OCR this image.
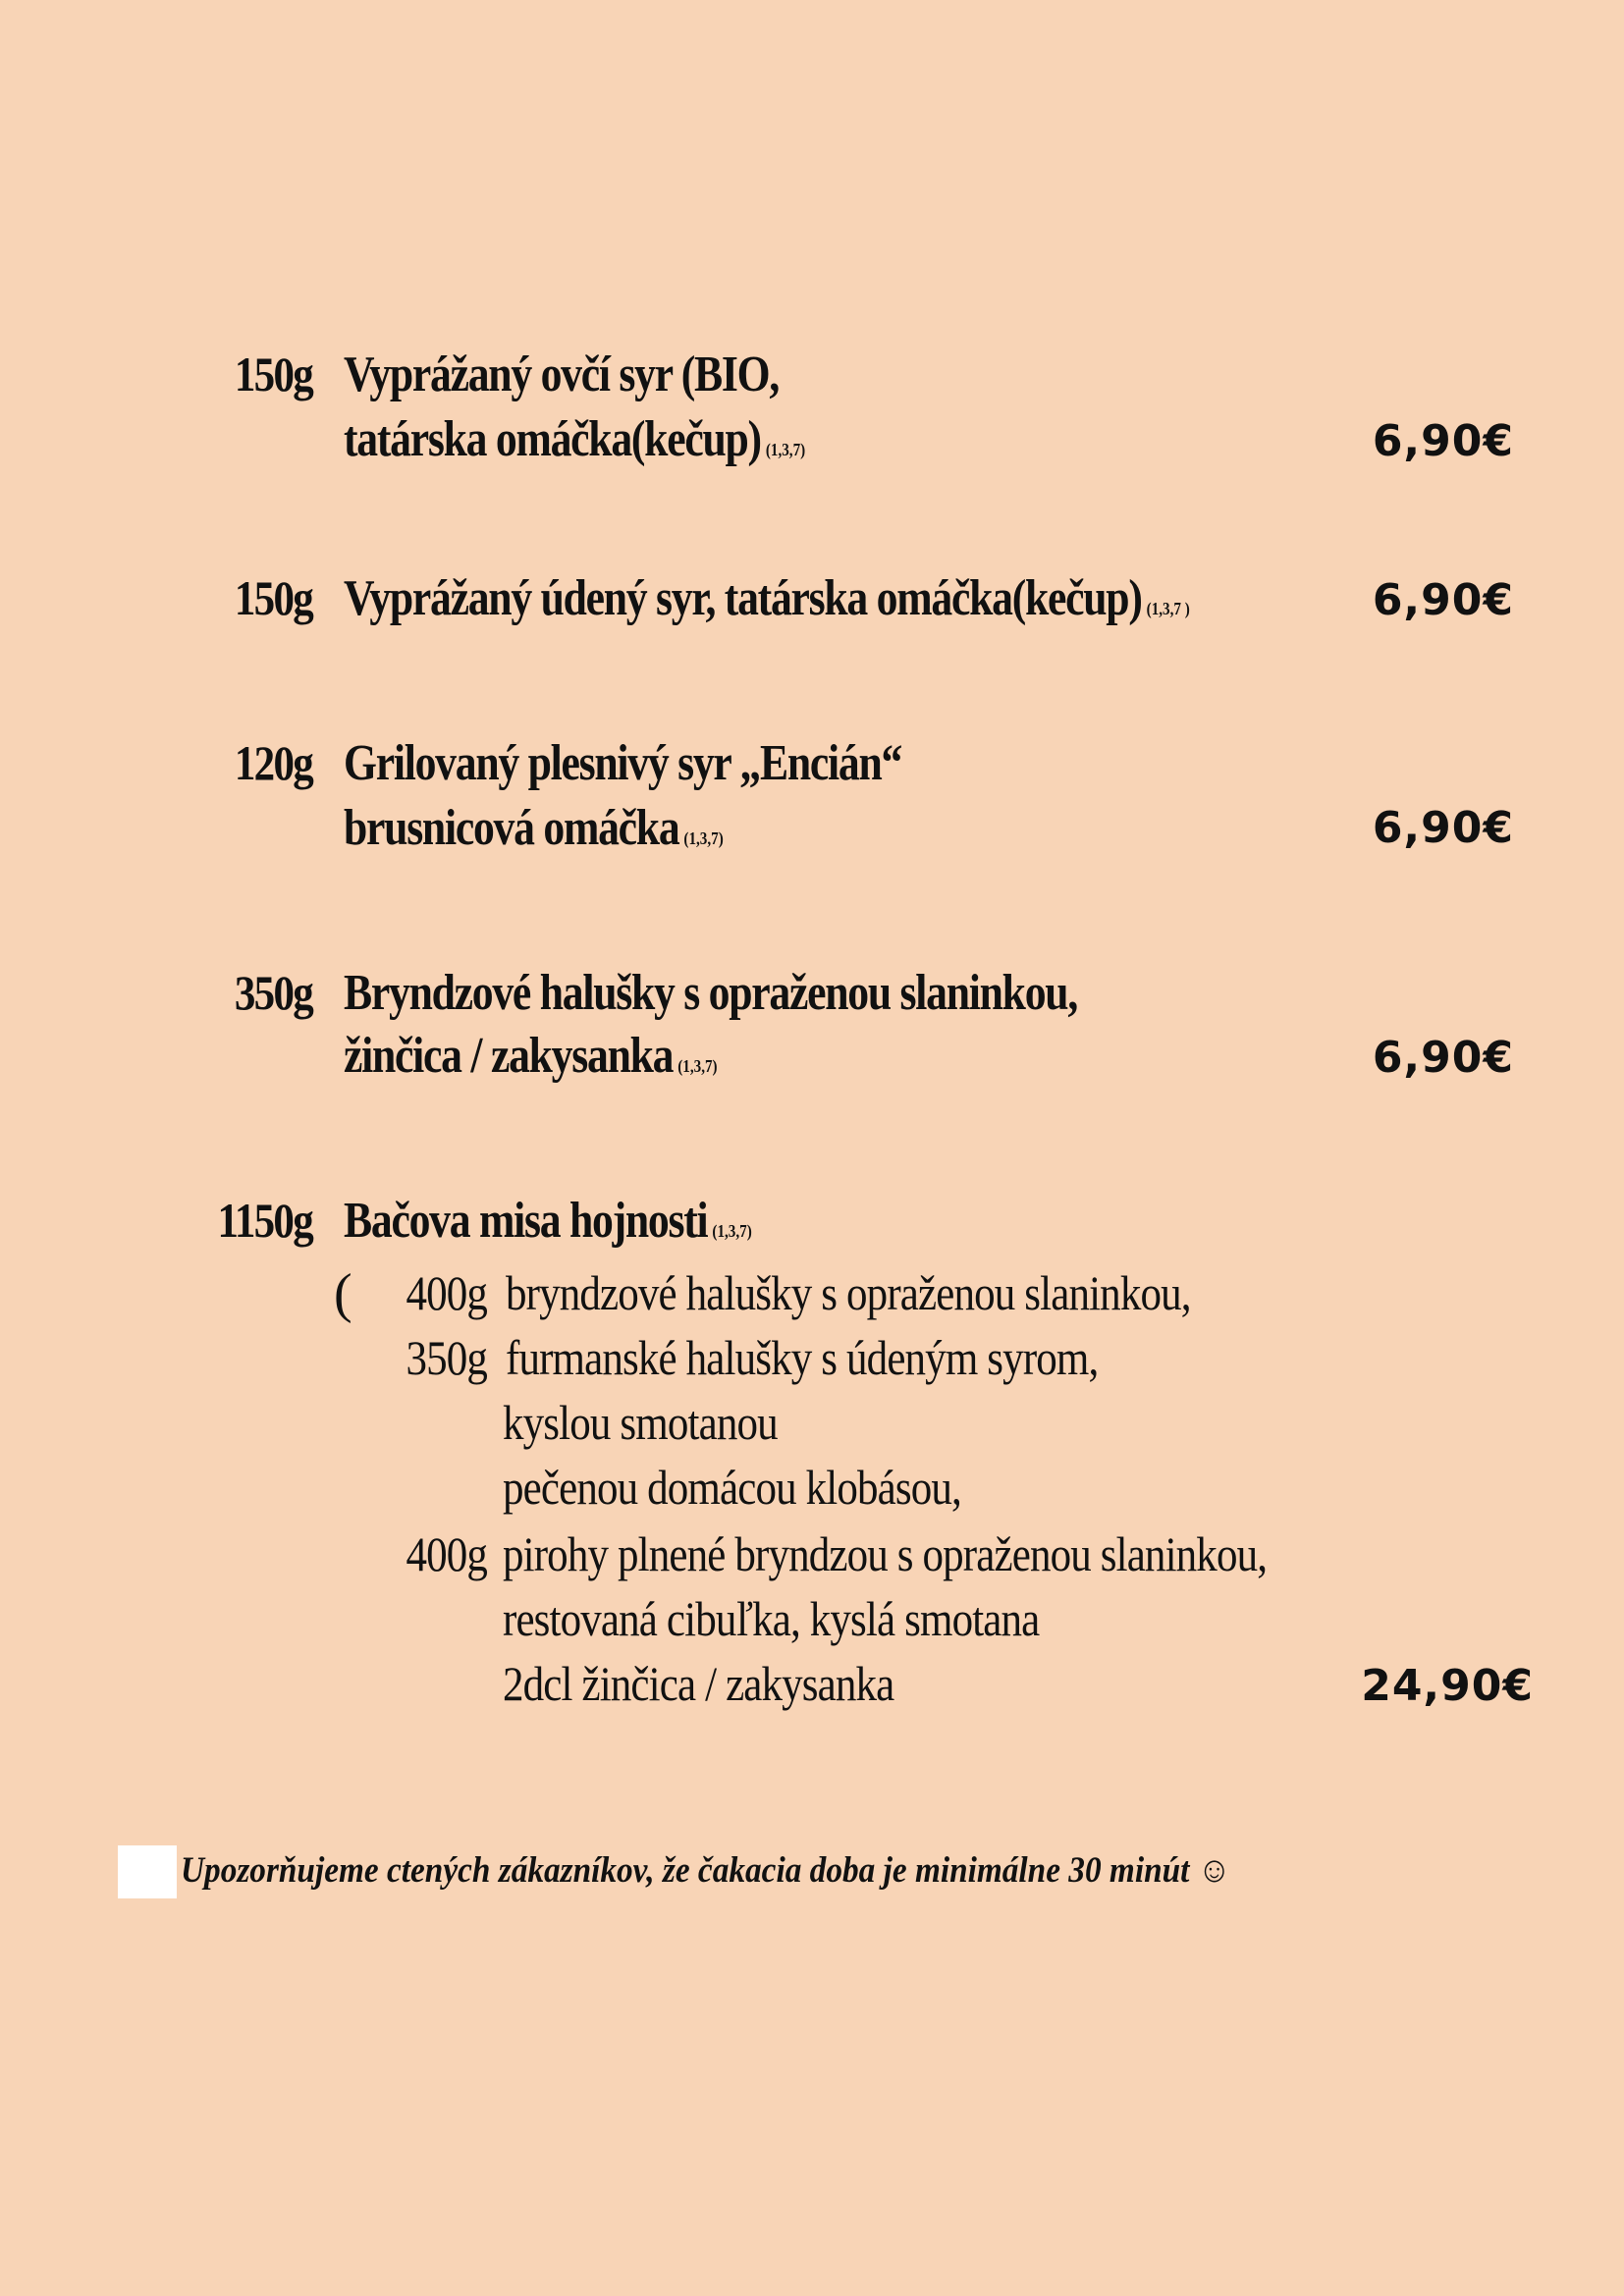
150g Vyprážaný ovčí syr (BIO,
tatárska omáčka(kečup) (1,3,7)	6,90€
150g Vyprážaný údený syr, tatárska omáčka(kečup) (1,3,7 )	6,90€
120g Grilovaný plesnivý syr „Encián“
brusnicová omáčka (1,3,7)	6,90€
350g Bryndzové halušky s opraženou slaninkou,
žinčica / zakysanka (1,3,7)	6,90€
1150g Bačova misa hojnosti (1,3,7)
( 400g bryndzové halušky s opraženou slaninkou,
350g furmanské halušky s údeným syrom,
kyslou smotanou
pečenou domácou klobásou,
400g pirohy plnené bryndzou s opraženou slaninkou,
restovaná cibuľka, kyslá smotana
2dcl žinčica / zakysanka	24,90€
Upozorňujeme ctených zákazníkov, že čakacia doba je minimálne 30 minút ☺
